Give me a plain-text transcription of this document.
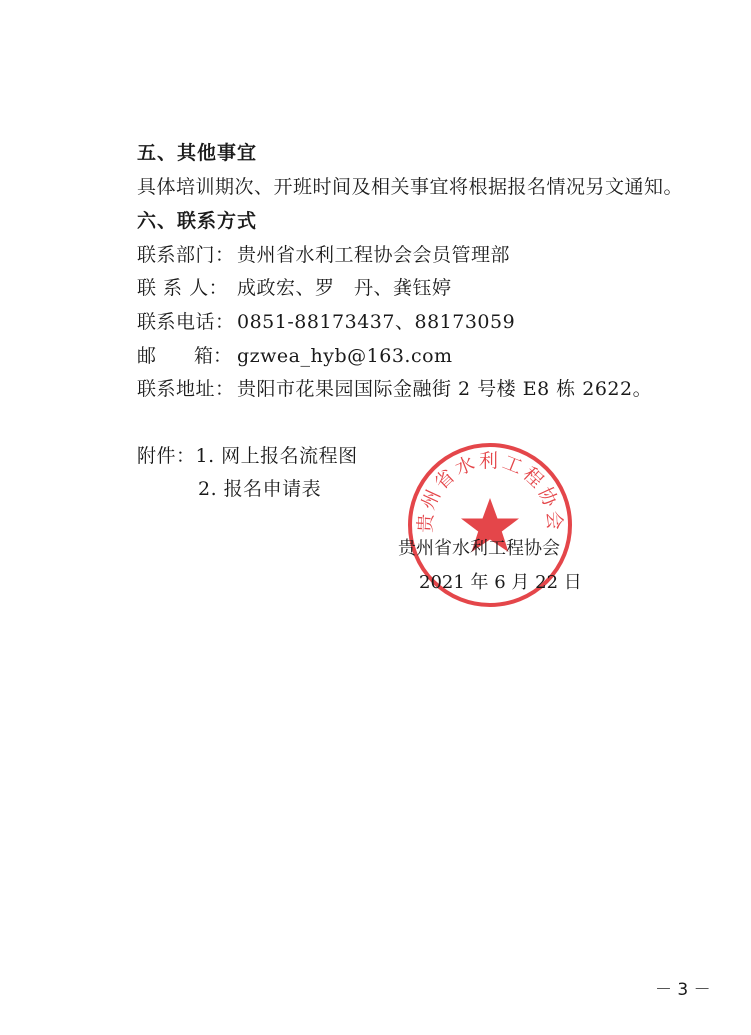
五、其他事宜
具体培训期次、开班时间及相关事宜将根据报名情况另文通知。
六、联系方式
联系部门： 贵州省水利工程协会会员管理部
联 系 人： 成政宏、罗　丹、龚钰婷
联系电话： 0851-88173437、88173059
邮　　箱： gzwea_hyb@163.com
联系地址： 贵阳市花果园国际金融街 2 号楼 E8 栋 2622。
附件：1. 网上报名流程图
2. 报名申请表
贵州省水利工程协会
贵州省水利工程协会
2021 年 6 月 22 日
－ 3 －
